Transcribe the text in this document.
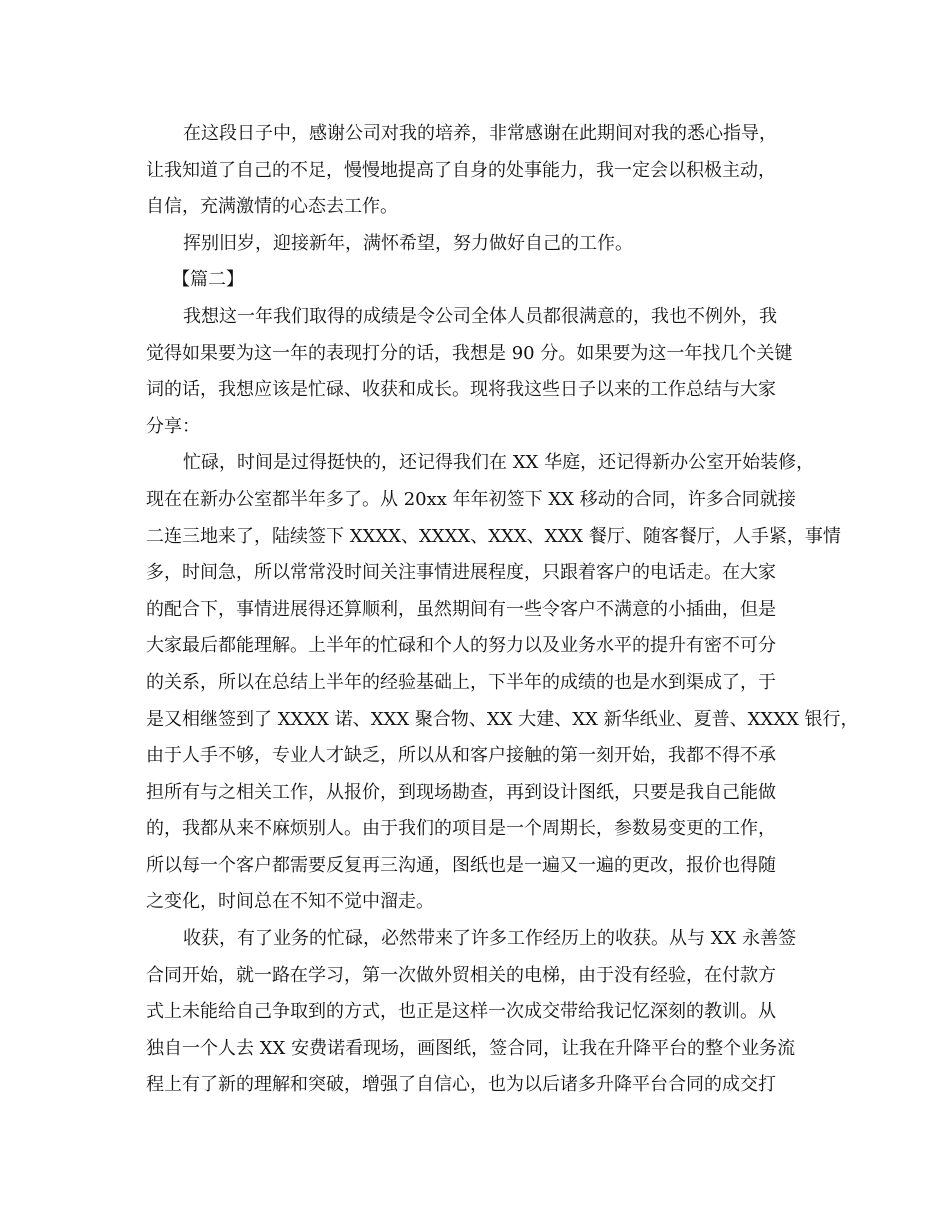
在这段日子中，感谢公司对我的培养，非常感谢在此期间对我的悉心指导，
让我知道了自己的不足，慢慢地提高了自身的处事能力，我一定会以积极主动，
自信，充满激情的心态去工作。
挥别旧岁，迎接新年，满怀希望，努力做好自己的工作。
【篇二】
我想这一年我们取得的成绩是令公司全体人员都很满意的，我也不例外，我
觉得如果要为这一年的表现打分的话，我想是 90 分。如果要为这一年找几个关键
词的话，我想应该是忙碌、收获和成长。现将我这些日子以来的工作总结与大家
分享：
忙碌，时间是过得挺快的，还记得我们在 XX 华庭，还记得新办公室开始装修，
现在在新办公室都半年多了。从 20xx 年年初签下 XX 移动的合同，许多合同就接
二连三地来了，陆续签下 XXXX、XXXX、XXX、XXX 餐厅、随客餐厅，人手紧，事情
多，时间急，所以常常没时间关注事情进展程度，只跟着客户的电话走。在大家
的配合下，事情进展得还算顺利，虽然期间有一些令客户不满意的小插曲，但是
大家最后都能理解。上半年的忙碌和个人的努力以及业务水平的提升有密不可分
的关系，所以在总结上半年的经验基础上，下半年的成绩的也是水到渠成了，于
是又相继签到了 XXXX 诺、XXX 聚合物、XX 大建、XX 新华纸业、夏普、XXXX 银行，
由于人手不够，专业人才缺乏，所以从和客户接触的第一刻开始，我都不得不承
担所有与之相关工作，从报价，到现场勘查，再到设计图纸，只要是我自己能做
的，我都从来不麻烦别人。由于我们的项目是一个周期长，参数易变更的工作，
所以每一个客户都需要反复再三沟通，图纸也是一遍又一遍的更改，报价也得随
之变化，时间总在不知不觉中溜走。
收获，有了业务的忙碌，必然带来了许多工作经历上的收获。从与 XX 永善签
合同开始，就一路在学习，第一次做外贸相关的电梯，由于没有经验，在付款方
式上未能给自己争取到的方式，也正是这样一次成交带给我记忆深刻的教训。从
独自一个人去 XX 安费诺看现场，画图纸，签合同，让我在升降平台的整个业务流
程上有了新的理解和突破，增强了自信心，也为以后诸多升降平台合同的成交打
